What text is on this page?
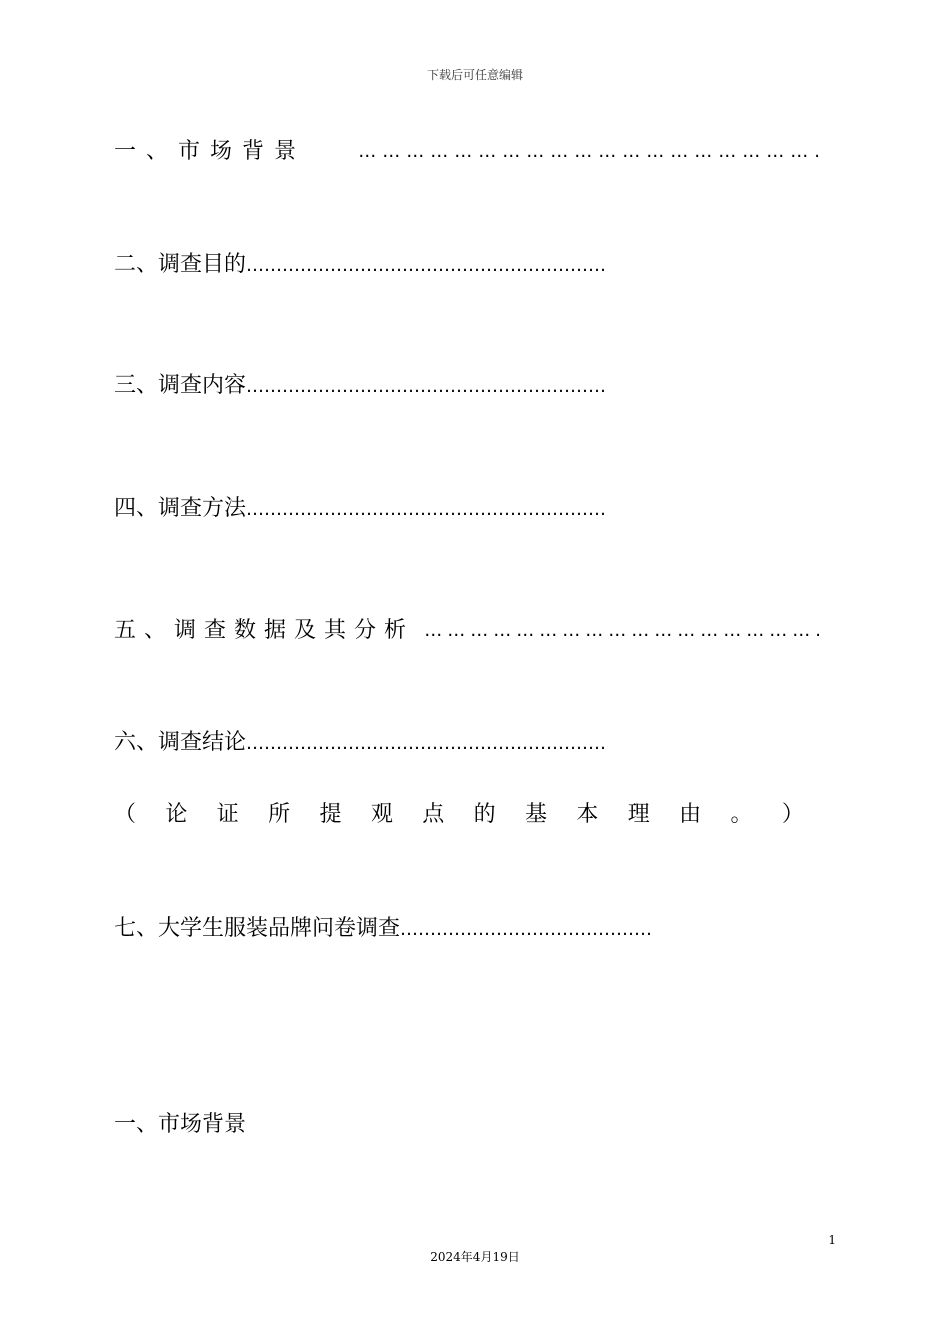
下载后可任意编辑
一、市场背景	………………………………………………….
二、调查目的……………………………………………………
三、调查内容……………………………………………………
四、调查方法……………………………………………………
五、调查数据及其分析 …………………………………………….
六、调查结论……………………………………………………
（ 论 证 所 提 观 点 的 基 本 理 由 。 ）
七、大学生服装品牌问卷调查……………………………………
一、市场背景
1
2024年4月19日
